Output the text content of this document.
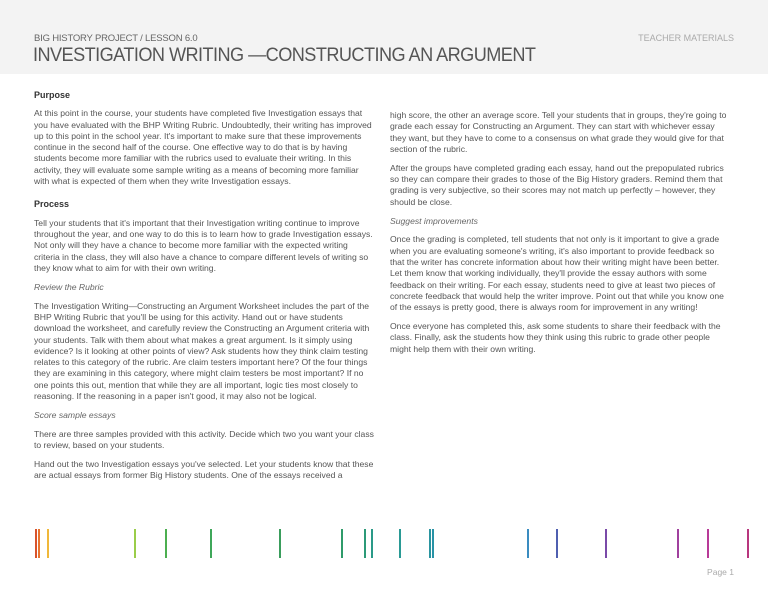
BIG HISTORY PROJECT / LESSON 6.0
INVESTIGATION WRITING —CONSTRUCTING AN ARGUMENT
TEACHER MATERIALS
Purpose

At this point in the course, your students have completed five Investigation essays that you have evaluated with the BHP Writing Rubric. Undoubtedly, their writing has improved up to this point in the school year. It's important to make sure that these improvements continue in the second half of the course. One effective way to do that is by having students become more familiar with the rubrics used to evaluate their writing. In this activity, they will evaluate some sample writing as a means of becoming more familiar with what is expected of them when they write Investigation essays.

Process

Tell your students that it's important that their Investigation writing continue to improve throughout the year, and one way to do this is to learn how to grade Investigation essays. Not only will they have a chance to become more familiar with the expected writing criteria in the class, they will also have a chance to compare different levels of writing so they know what to aim for with their own writing.

Review the Rubric

The Investigation Writing—Constructing an Argument Worksheet includes the part of the BHP Writing Rubric that you'll be using for this activity. Hand out or have students download the worksheet, and carefully review the Constructing an Argument criteria with your students. Talk with them about what makes a great argument. Is it simply using evidence? Is it looking at other points of view? Ask students how they think claim testing relates to this category of the rubric. Are claim testers important here? Of the four things they are examining in this category, where might claim testers be most important? If no one points this out, mention that while they are all important, logic ties most closely to reasoning. If the reasoning in a paper isn't good, it may also not be logical.

Score sample essays

There are three samples provided with this activity. Decide which two you want your class to review, based on your students.

Hand out the two Investigation essays you've selected. Let your students know that these are actual essays from former Big History students. One of the essays received a

high score, the other an average score. Tell your students that in groups, they're going to grade each essay for Constructing an Argument. They can start with whichever essay they want, but they have to come to a consensus on what grade they would give for that section of the rubric.

After the groups have completed grading each essay, hand out the prepopulated rubrics so they can compare their grades to those of the Big History graders. Remind them that grading is very subjective, so their scores may not match up perfectly – however, they should be close.

Suggest improvements

Once the grading is completed, tell students that not only is it important to give a grade when you are evaluating someone's writing, it's also important to provide feedback so that the writer has concrete information about how their writing might have been better. Let them know that working individually, they'll provide the essay authors with some feedback on their writing. For each essay, students need to give at least two pieces of concrete feedback that would help the writer improve. Point out that while you know one of the essays is pretty good, there is always room for improvement in any writing!

Once everyone has completed this, ask some students to share their feedback with the class. Finally, ask the students how they think using this rubric to grade other people might help them with their own writing.

Page 1
